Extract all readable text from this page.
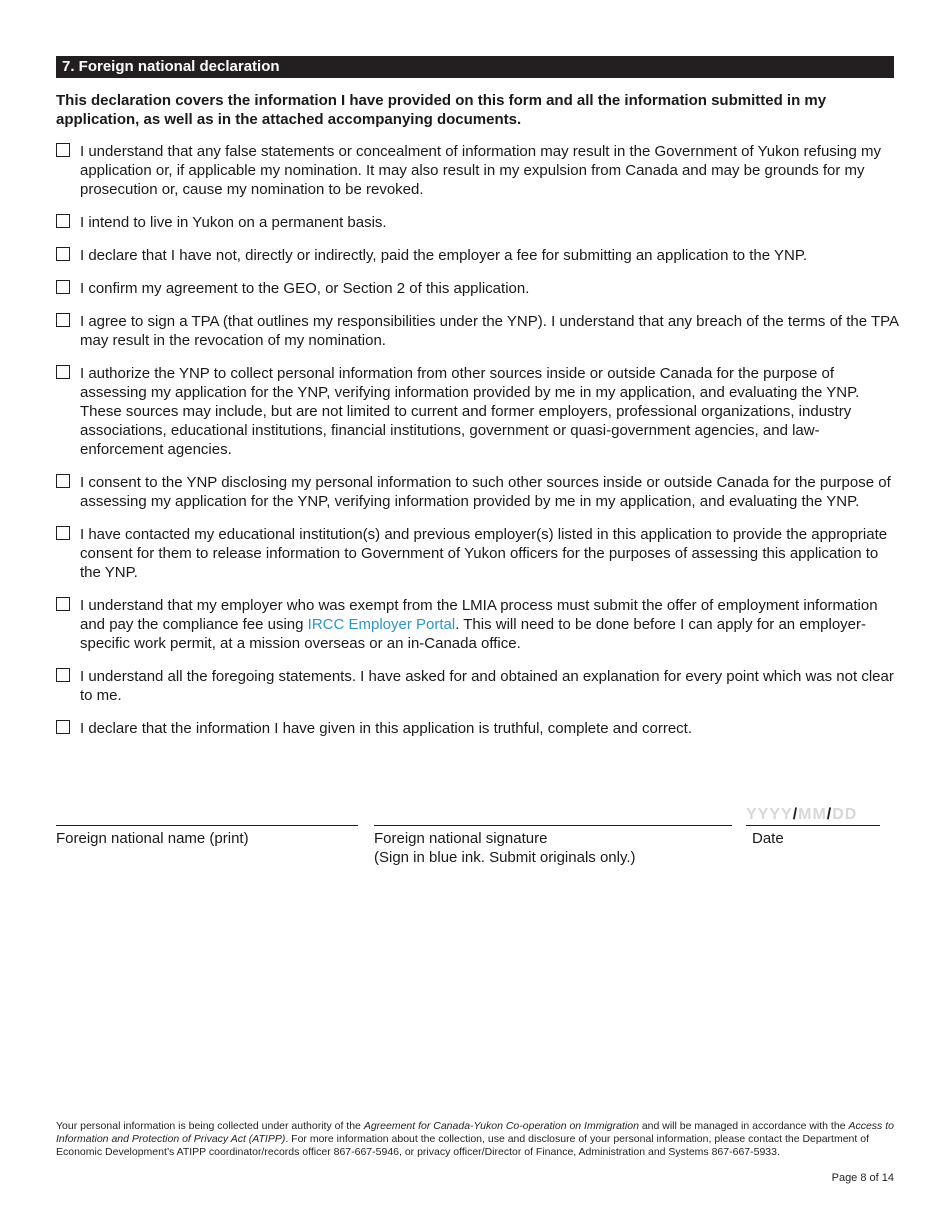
7. Foreign national declaration
This declaration covers the information I have provided on this form and all the information submitted in my application, as well as in the attached accompanying documents.
I understand that any false statements or concealment of information may result in the Government of Yukon refusing my application or, if applicable my nomination. It may also result in my expulsion from Canada and may be grounds for my prosecution or, cause my nomination to be revoked.
I intend to live in Yukon on a permanent basis.
I declare that I have not, directly or indirectly, paid the employer a fee for submitting an application to the YNP.
I confirm my agreement to the GEO, or Section 2 of this application.
I agree to sign a TPA (that outlines my responsibilities under the YNP). I understand that any breach of the terms of the TPA may result in the revocation of my nomination.
I authorize the YNP to collect personal information from other sources inside or outside Canada for the purpose of assessing my application for the YNP, verifying information provided by me in my application, and evaluating the YNP. These sources may include, but are not limited to current and former employers, professional organizations, industry associations, educational institutions, financial institutions, government or quasi-government agencies, and law-enforcement agencies.
I consent to the YNP disclosing my personal information to such other sources inside or outside Canada for the purpose of assessing my application for the YNP, verifying information provided by me in my application, and evaluating the YNP.
I have contacted my educational institution(s) and previous employer(s) listed in this application to provide the appropriate consent for them to release information to Government of Yukon officers for the purposes of assessing this application to the YNP.
I understand that my employer who was exempt from the LMIA process must submit the offer of employment information and pay the compliance fee using IRCC Employer Portal. This will need to be done before I can apply for an employer-specific work permit, at a mission overseas or an in-Canada office.
I understand all the foregoing statements. I have asked for and obtained an explanation for every point which was not clear to me.
I declare that the information I have given in this application is truthful, complete and correct.
Foreign national name (print)	Foreign national signature
(Sign in blue ink. Submit originals only.)
YYYY/MM/DD
Date
Your personal information is being collected under authority of the Agreement for Canada-Yukon Co-operation on Immigration and will be managed in accordance with the Access to Information and Protection of Privacy Act (ATIPP). For more information about the collection, use and disclosure of your personal information, please contact the Department of Economic Development’s ATIPP coordinator/records officer 867-667-5946, or privacy officer/Director of Finance, Administration and Systems 867-667-5933.
Page 8 of 14
